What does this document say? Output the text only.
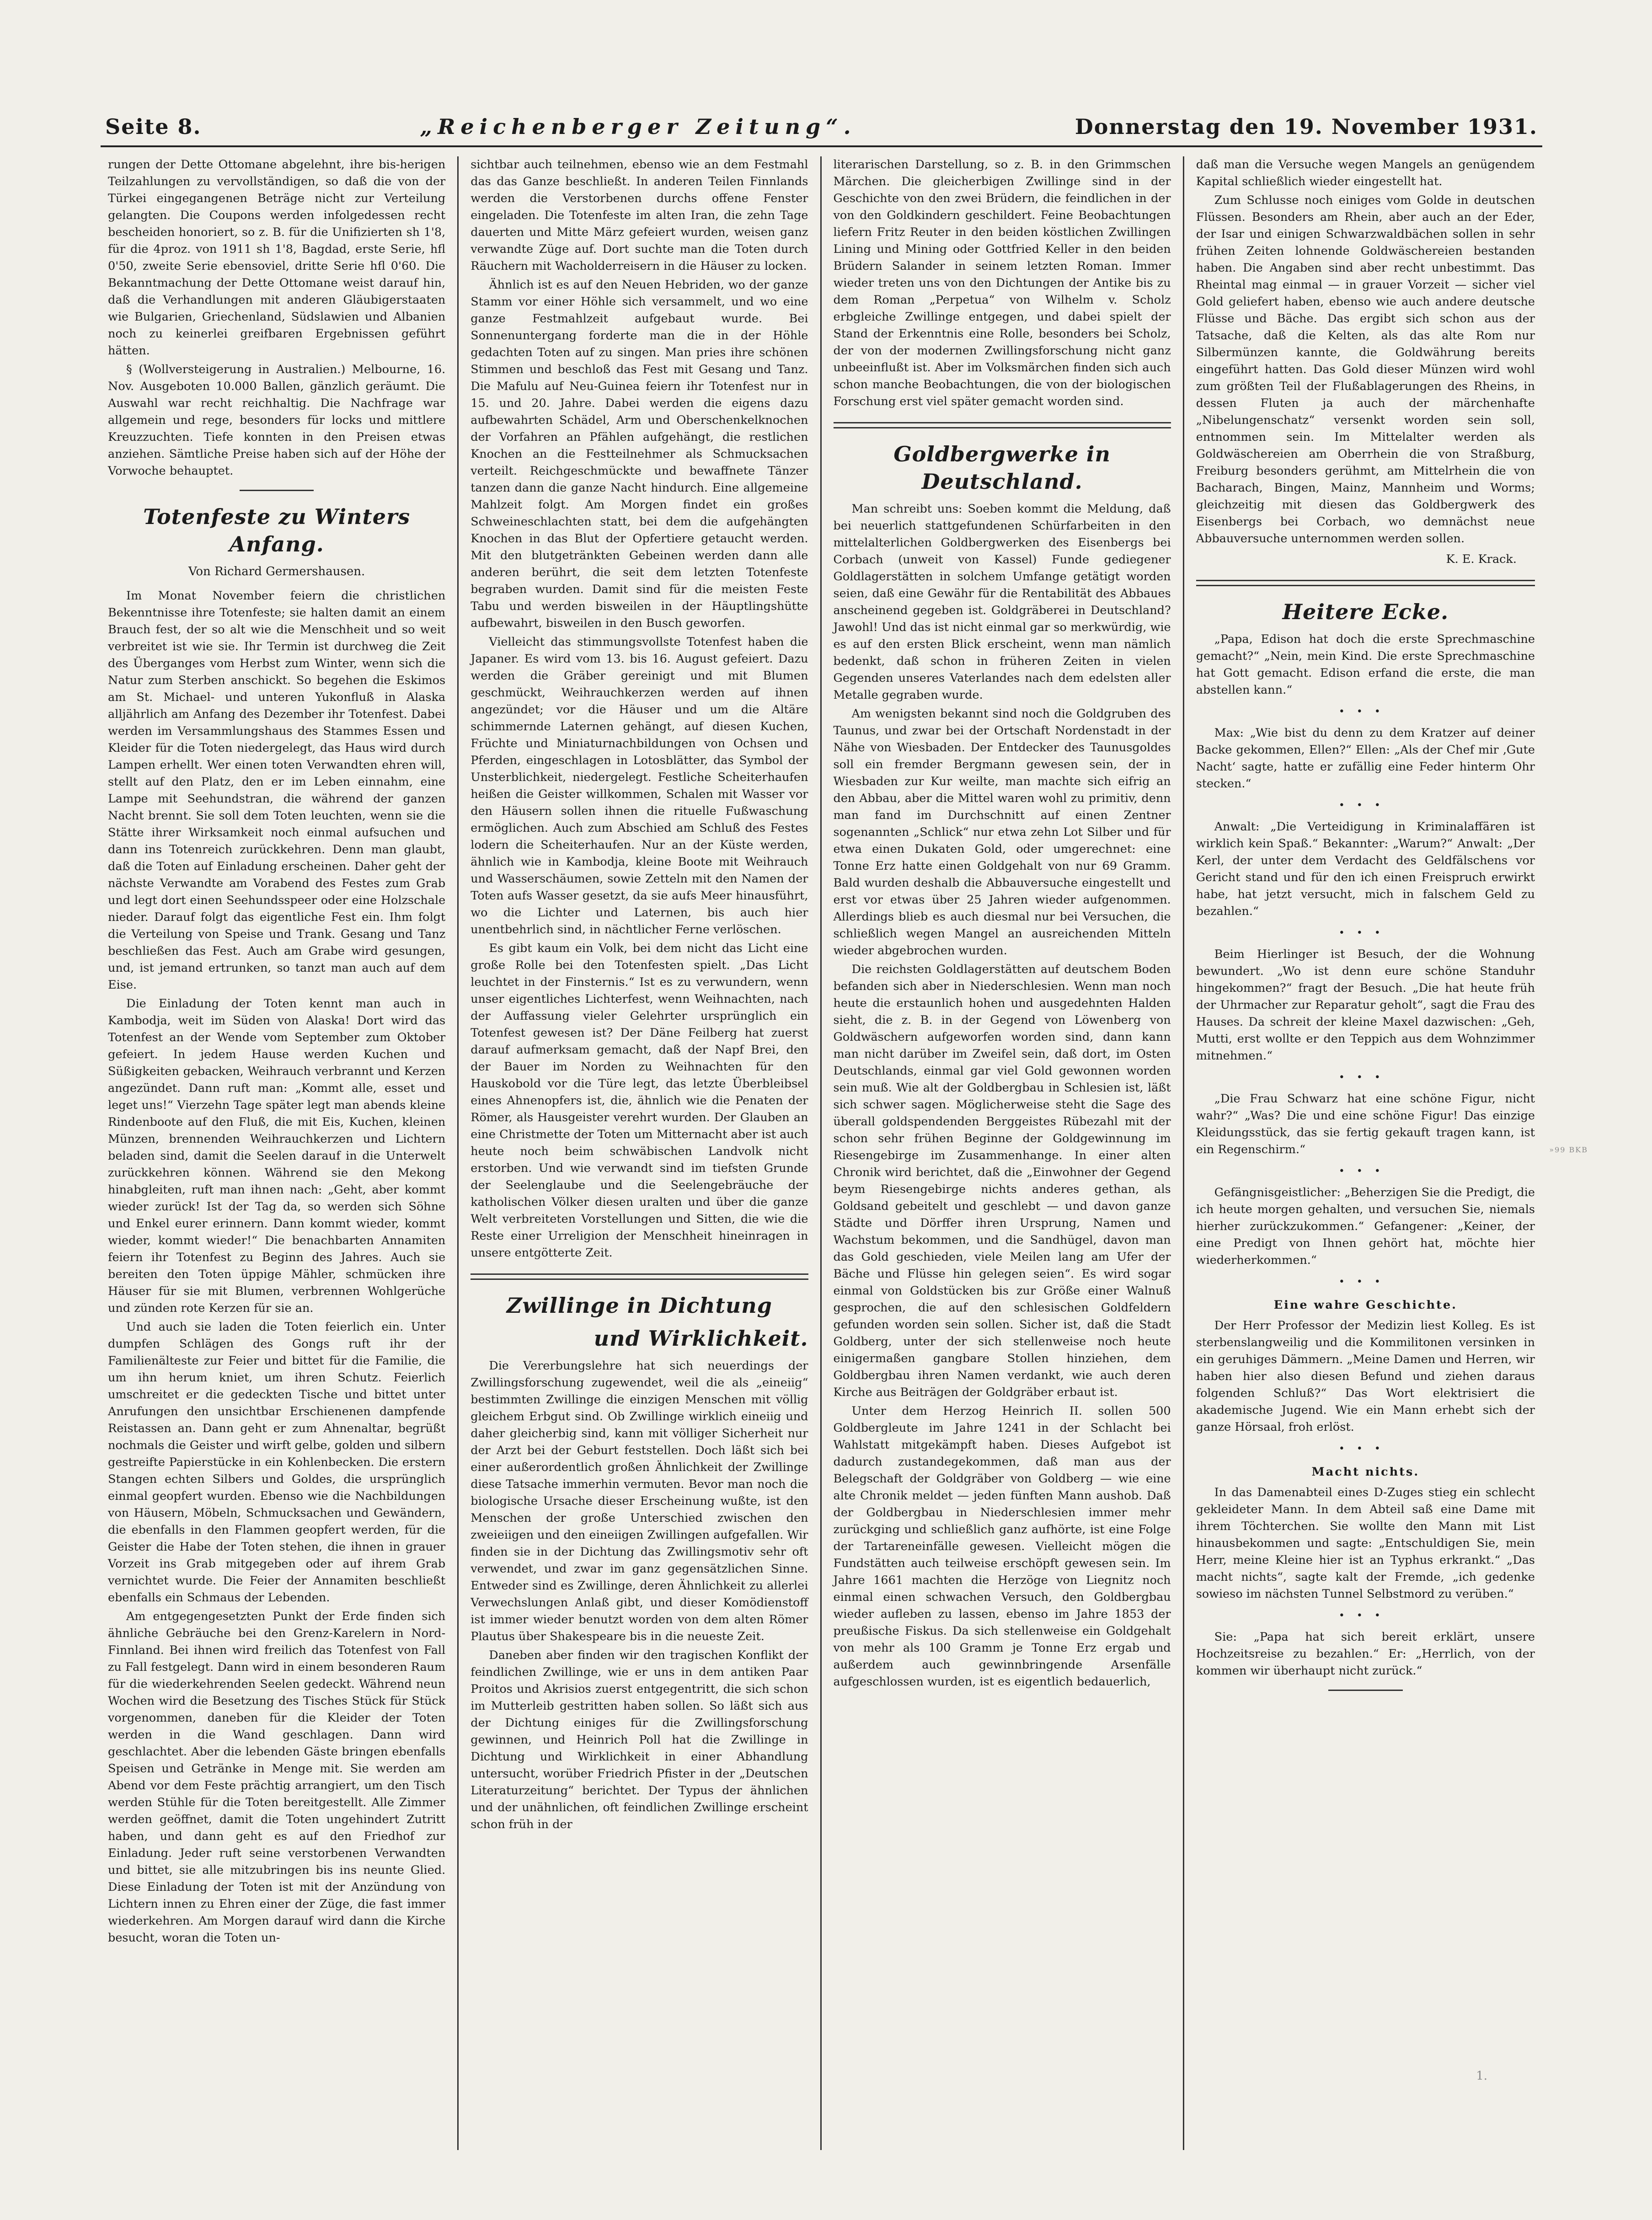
Seite 8.	„Reichenberger Zeitung“.	Donnerstag den 19. November 1931.

rungen der Dette Ottomane abgelehnt, ihre bis-herigen Teilzahlungen zu vervollständigen, so daß die von der Türkei eingegangenen Beträge nicht zur Verteilung gelangten. Die Coupons werden infolgedessen recht bescheiden honoriert, so z. B. für die Unifizierten sh 1'8, für die 4proz. von 1911 sh 1'8, Bagdad, erste Serie, hfl 0'50, zweite Serie ebensoviel, dritte Serie hfl 0'60. Die Bekanntmachung der Dette Ottomane weist darauf hin, daß die Verhandlungen mit anderen Gläubigerstaaten wie Bulgarien, Griechenland, Südslawien und Albanien noch zu keinerlei greifbaren Ergebnissen geführt hätten.

§ (Wollversteigerung in Australien.) Melbourne, 16. Nov. Ausgeboten 10.000 Ballen, gänzlich geräumt. Die Auswahl war recht reichhaltig. Die Nachfrage war allgemein und rege, besonders für locks und mittlere Kreuzzuchten. Tiefe konnten in den Preisen etwas anziehen. Sämtliche Preise haben sich auf der Höhe der Vorwoche behauptet.

Totenfeste zu Winters Anfang.
Von Richard Germershausen.

Im Monat November feiern die christlichen Bekenntnisse ihre Totenfeste; sie halten damit an einem Brauch fest, der so alt wie die Menschheit und so weit verbreitet ist wie sie. Ihr Termin ist durchweg die Zeit des Überganges vom Herbst zum Winter, wenn sich die Natur zum Sterben anschickt. So begehen die Eskimos am St. Michael- und unteren Yukonfluß in Alaska alljährlich am Anfang des Dezember ihr Totenfest. Dabei werden im Versammlungshaus des Stammes Essen und Kleider für die Toten niedergelegt, das Haus wird durch Lampen erhellt. Wer einen toten Verwandten ehren will, stellt auf den Platz, den er im Leben einnahm, eine Lampe mit Seehundstran, die während der ganzen Nacht brennt. Sie soll dem Toten leuchten, wenn sie die Stätte ihrer Wirksamkeit noch einmal aufsuchen und dann ins Totenreich zurückkehren. Denn man glaubt, daß die Toten auf Einladung erscheinen. Daher geht der nächste Verwandte am Vorabend des Festes zum Grab und legt dort einen Seehundsspeer oder eine Holzschale nieder. Darauf folgt das eigentliche Fest ein. Ihm folgt die Verteilung von Speise und Trank. Gesang und Tanz beschließen das Fest. Auch am Grabe wird gesungen, und, ist jemand ertrunken, so tanzt man auch auf dem Eise.

Die Einladung der Toten kennt man auch in Kambodja, weit im Süden von Alaska! Dort wird das Totenfest an der Wende vom September zum Oktober gefeiert. In jedem Hause werden Kuchen und Süßigkeiten gebacken, Weihrauch verbrannt und Kerzen angezündet. Dann ruft man: „Kommt alle, esset und leget uns!“ Vierzehn Tage später legt man abends kleine Rindenboote auf den Fluß, die mit Eis, Kuchen, kleinen Münzen, brennenden Weihrauchkerzen und Lichtern beladen sind, damit die Seelen darauf in die Unterwelt zurückkehren können. Während sie den Mekong hinabgleiten, ruft man ihnen nach: „Geht, aber kommt wieder zurück! Ist der Tag da, so werden sich Söhne und Enkel eurer erinnern. Dann kommt wieder, kommt wieder, kommt wieder!“ Die benachbarten Annamiten feiern ihr Totenfest zu Beginn des Jahres. Auch sie bereiten den Toten üppige Mähler, schmücken ihre Häuser für sie mit Blumen, verbrennen Wohlgerüche und zünden rote Kerzen für sie an.

Und auch sie laden die Toten feierlich ein. Unter dumpfen Schlägen des Gongs ruft ihr der Familienälteste zur Feier und bittet für die Familie, die um ihn herum kniet, um ihren Schutz. Feierlich umschreitet er die gedeckten Tische und bittet unter Anrufungen den unsichtbar Erschienenen dampfende Reistassen an. Dann geht er zum Ahnenaltar, begrüßt nochmals die Geister und wirft gelbe, golden und silbern gestreifte Papierstücke in ein Kohlenbecken. Die erstern Stangen echten Silbers und Goldes, die ursprünglich einmal geopfert wurden. Ebenso wie die Nachbildungen von Häusern, Möbeln, Schmucksachen und Gewändern, die ebenfalls in den Flammen geopfert werden, für die Geister die Habe der Toten stehen, die ihnen in grauer Vorzeit ins Grab mitgegeben oder auf ihrem Grab vernichtet wurde. Die Feier der Annamiten beschließt ebenfalls ein Schmaus der Lebenden.

Am entgegengesetzten Punkt der Erde finden sich ähnliche Gebräuche bei den Grenz-Karelern in Nord-Finnland. Bei ihnen wird freilich das Totenfest von Fall zu Fall festgelegt. Dann wird in einem besonderen Raum für die wiederkehrenden Seelen gedeckt. Während neun Wochen wird die Besetzung des Tisches Stück für Stück vorgenommen, daneben für die Kleider der Toten werden in die Wand geschlagen. Dann wird geschlachtet. Aber die lebenden Gäste bringen ebenfalls Speisen und Getränke in Menge mit. Sie werden am Abend vor dem Feste prächtig arrangiert, um den Tisch werden Stühle für die Toten bereitgestellt. Alle Zimmer werden geöffnet, damit die Toten ungehindert Zutritt haben, und dann geht es auf den Friedhof zur Einladung. Jeder ruft seine verstorbenen Verwandten und bittet, sie alle mitzubringen bis ins neunte Glied. Diese Einladung der Toten ist mit der Anzündung von Lichtern innen zu Ehren einer der Züge, die fast immer wiederkehren. Am Morgen darauf wird dann die Kirche besucht, woran die Toten un-

sichtbar auch teilnehmen, ebenso wie an dem Festmahl das das Ganze beschließt. In anderen Teilen Finnlands werden die Verstorbenen durchs offene Fenster eingeladen. Die Totenfeste im alten Iran, die zehn Tage dauerten und Mitte März gefeiert wurden, weisen ganz verwandte Züge auf. Dort suchte man die Toten durch Räuchern mit Wacholderreisern in die Häuser zu locken.

Ähnlich ist es auf den Neuen Hebriden, wo der ganze Stamm vor einer Höhle sich versammelt, und wo eine ganze Festmahlzeit aufgebaut wurde. Bei Sonnenuntergang forderte man die in der Höhle gedachten Toten auf zu singen. Man pries ihre schönen Stimmen und beschloß das Fest mit Gesang und Tanz. Die Mafulu auf Neu-Guinea feiern ihr Totenfest nur in 15. und 20. Jahre. Dabei werden die eigens dazu aufbewahrten Schädel, Arm und Oberschenkelknochen der Vorfahren an Pfählen aufgehängt, die restlichen Knochen an die Festteilnehmer als Schmucksachen verteilt. Reichgeschmückte und bewaffnete Tänzer tanzen dann die ganze Nacht hindurch. Eine allgemeine Mahlzeit folgt. Am Morgen findet ein großes Schweineschlachten statt, bei dem die aufgehängten Knochen in das Blut der Opfertiere getaucht werden. Mit den blutgetränkten Gebeinen werden dann alle anderen berührt, die seit dem letzten Totenfeste begraben wurden. Damit sind für die meisten Feste Tabu und werden bisweilen in der Häuptlingshütte aufbewahrt, bisweilen in den Busch geworfen.

Vielleicht das stimmungsvollste Totenfest haben die Japaner. Es wird vom 13. bis 16. August gefeiert. Dazu werden die Gräber gereinigt und mit Blumen geschmückt, Weihrauchkerzen werden auf ihnen angezündet; vor die Häuser und um die Altäre schimmernde Laternen gehängt, auf diesen Kuchen, Früchte und Miniaturnachbildungen von Ochsen und Pferden, eingeschlagen in Lotosblätter, das Symbol der Unsterblichkeit, niedergelegt. Festliche Scheiterhaufen heißen die Geister willkommen, Schalen mit Wasser vor den Häusern sollen ihnen die rituelle Fußwaschung ermöglichen. Auch zum Abschied am Schluß des Festes lodern die Scheiterhaufen. Nur an der Küste werden, ähnlich wie in Kambodja, kleine Boote mit Weihrauch und Wasserschäumen, sowie Zetteln mit den Namen der Toten aufs Wasser gesetzt, da sie aufs Meer hinausführt, wo die Lichter und Laternen, bis auch hier unentbehrlich sind, in nächtlicher Ferne verlöschen.

Es gibt kaum ein Volk, bei dem nicht das Licht eine große Rolle bei den Totenfesten spielt. „Das Licht leuchtet in der Finsternis.“ Ist es zu verwundern, wenn unser eigentliches Lichterfest, wenn Weihnachten, nach der Auffassung vieler Gelehrter ursprünglich ein Totenfest gewesen ist? Der Däne Feilberg hat zuerst darauf aufmerksam gemacht, daß der Napf Brei, den der Bauer im Norden zu Weihnachten für den Hauskobold vor die Türe legt, das letzte Überbleibsel eines Ahnenopfers ist, die, ähnlich wie die Penaten der Römer, als Hausgeister verehrt wurden. Der Glauben an eine Christmette der Toten um Mitternacht aber ist auch heute noch beim schwäbischen Landvolk nicht erstorben. Und wie verwandt sind im tiefsten Grunde der Seelenglaube und die Seelengebräuche der katholischen Völker diesen uralten und über die ganze Welt verbreiteten Vorstellungen und Sitten, die wie die Reste einer Urreligion der Menschheit hineinragen in unsere entgötterte Zeit.

Zwillinge in Dichtung
und Wirklichkeit.

Die Vererbungslehre hat sich neuerdings der Zwillingsforschung zugewendet, weil die als „eineiig“ bestimmten Zwillinge die einzigen Menschen mit völlig gleichem Erbgut sind. Ob Zwillinge wirklich eineiig und daher gleicherbig sind, kann mit völliger Sicherheit nur der Arzt bei der Geburt feststellen. Doch läßt sich bei einer außerordentlich großen Ähnlichkeit der Zwillinge diese Tatsache immerhin vermuten. Bevor man noch die biologische Ursache dieser Erscheinung wußte, ist den Menschen der große Unterschied zwischen den zweieiigen und den eineiigen Zwillingen aufgefallen. Wir finden sie in der Dichtung das Zwillingsmotiv sehr oft verwendet, und zwar im ganz gegensätzlichen Sinne. Entweder sind es Zwillinge, deren Ähnlichkeit zu allerlei Verwechslungen Anlaß gibt, und dieser Komödienstoff ist immer wieder benutzt worden von dem alten Römer Plautus über Shakespeare bis in die neueste Zeit.

Daneben aber finden wir den tragischen Konflikt der feindlichen Zwillinge, wie er uns in dem antiken Paar Proitos und Akrisios zuerst entgegentritt, die sich schon im Mutterleib gestritten haben sollen. So läßt sich aus der Dichtung einiges für die Zwillingsforschung gewinnen, und Heinrich Poll hat die Zwillinge in Dichtung und Wirklichkeit in einer Abhandlung untersucht, worüber Friedrich Pfister in der „Deutschen Literaturzeitung“ berichtet. Der Typus der ähnlichen und der unähnlichen, oft feindlichen Zwillinge erscheint schon früh in der

literarischen Darstellung, so z. B. in den Grimmschen Märchen. Die gleicherbigen Zwillinge sind in der Geschichte von den zwei Brüdern, die feindlichen in der von den Goldkindern geschildert. Feine Beobachtungen liefern Fritz Reuter in den beiden köstlichen Zwillingen Lining und Mining oder Gottfried Keller in den beiden Brüdern Salander in seinem letzten Roman. Immer wieder treten uns von den Dichtungen der Antike bis zu dem Roman „Perpetua“ von Wilhelm v. Scholz erbgleiche Zwillinge entgegen, und dabei spielt der Stand der Erkenntnis eine Rolle, besonders bei Scholz, der von der modernen Zwillingsforschung nicht ganz unbeeinflußt ist. Aber im Volksmärchen finden sich auch schon manche Beobachtungen, die von der biologischen Forschung erst viel später gemacht worden sind.

Goldbergwerke in Deutschland.

Man schreibt uns: Soeben kommt die Meldung, daß bei neuerlich stattgefundenen Schürfarbeiten in den mittelalterlichen Goldbergwerken des Eisenbergs bei Corbach (unweit von Kassel) Funde gediegener Goldlagerstätten in solchem Umfange getätigt worden seien, daß eine Gewähr für die Rentabilität des Abbaues anscheinend gegeben ist. Goldgräberei in Deutschland? Jawohl! Und das ist nicht einmal gar so merkwürdig, wie es auf den ersten Blick erscheint, wenn man nämlich bedenkt, daß schon in früheren Zeiten in vielen Gegenden unseres Vaterlandes nach dem edelsten aller Metalle gegraben wurde.

Am wenigsten bekannt sind noch die Goldgruben des Taunus, und zwar bei der Ortschaft Nordenstadt in der Nähe von Wiesbaden. Der Entdecker des Taunusgoldes soll ein fremder Bergmann gewesen sein, der in Wiesbaden zur Kur weilte, man machte sich eifrig an den Abbau, aber die Mittel waren wohl zu primitiv, denn man fand im Durchschnitt auf einen Zentner sogenannten „Schlick“ nur etwa zehn Lot Silber und für etwa einen Dukaten Gold, oder umgerechnet: eine Tonne Erz hatte einen Goldgehalt von nur 69 Gramm. Bald wurden deshalb die Abbauversuche eingestellt und erst vor etwas über 25 Jahren wieder aufgenommen. Allerdings blieb es auch diesmal nur bei Versuchen, die schließlich wegen Mangel an ausreichenden Mitteln wieder abgebrochen wurden.

Die reichsten Goldlagerstätten auf deutschem Boden befanden sich aber in Niederschlesien. Wenn man noch heute die erstaunlich hohen und ausgedehnten Halden sieht, die z. B. in der Gegend von Löwenberg von Goldwäschern aufgeworfen worden sind, dann kann man nicht darüber im Zweifel sein, daß dort, im Osten Deutschlands, einmal gar viel Gold gewonnen worden sein muß. Wie alt der Goldbergbau in Schlesien ist, läßt sich schwer sagen. Möglicherweise steht die Sage des überall goldspendenden Berggeistes Rübezahl mit der schon sehr frühen Beginne der Goldgewinnung im Riesengebirge im Zusammenhange. In einer alten Chronik wird berichtet, daß die „Einwohner der Gegend beym Riesengebirge nichts anderes gethan, als Goldsand gebeitelt und geschlebt — und davon ganze Städte und Dörffer ihren Ursprung, Namen und Wachstum bekommen, und die Sandhügel, davon man das Gold geschieden, viele Meilen lang am Ufer der Bäche und Flüsse hin gelegen seien“. Es wird sogar einmal von Goldstücken bis zur Größe einer Walnuß gesprochen, die auf den schlesischen Goldfeldern gefunden worden sein sollen. Sicher ist, daß die Stadt Goldberg, unter der sich stellenweise noch heute einigermaßen gangbare Stollen hinziehen, dem Goldbergbau ihren Namen verdankt, wie auch deren Kirche aus Beiträgen der Goldgräber erbaut ist.

Unter dem Herzog Heinrich II. sollen 500 Goldbergleute im Jahre 1241 in der Schlacht bei Wahlstatt mitgekämpft haben. Dieses Aufgebot ist dadurch zustandegekommen, daß man aus der Belegschaft der Goldgräber von Goldberg — wie eine alte Chronik meldet — jeden fünften Mann aushob. Daß der Goldbergbau in Niederschlesien immer mehr zurückging und schließlich ganz aufhörte, ist eine Folge der Tartareneinfälle gewesen. Vielleicht mögen die Fundstätten auch teilweise erschöpft gewesen sein. Im Jahre 1661 machten die Herzöge von Liegnitz noch einmal einen schwachen Versuch, den Goldbergbau wieder aufleben zu lassen, ebenso im Jahre 1853 der preußische Fiskus. Da sich stellenweise ein Goldgehalt von mehr als 100 Gramm je Tonne Erz ergab und außerdem auch gewinnbringende Arsenfälle aufgeschlossen wurden, ist es eigentlich bedauerlich,

daß man die Versuche wegen Mangels an genügendem Kapital schließlich wieder eingestellt hat.

Zum Schlusse noch einiges vom Golde in deutschen Flüssen. Besonders am Rhein, aber auch an der Eder, der Isar und einigen Schwarzwaldbächen sollen in sehr frühen Zeiten lohnende Goldwäschereien bestanden haben. Die Angaben sind aber recht unbestimmt. Das Rheintal mag einmal — in grauer Vorzeit — sicher viel Gold geliefert haben, ebenso wie auch andere deutsche Flüsse und Bäche. Das ergibt sich schon aus der Tatsache, daß die Kelten, als das alte Rom nur Silbermünzen kannte, die Goldwährung bereits eingeführt hatten. Das Gold dieser Münzen wird wohl zum größten Teil der Flußablagerungen des Rheins, in dessen Fluten ja auch der märchenhafte „Nibelungenschatz“ versenkt worden sein soll, entnommen sein. Im Mittelalter werden als Goldwäschereien am Oberrhein die von Straßburg, Freiburg besonders gerühmt, am Mittelrhein die von Bacharach, Bingen, Mainz, Mannheim und Worms; gleichzeitig mit diesen das Goldbergwerk des Eisenbergs bei Corbach, wo demnächst neue Abbauversuche unternommen werden sollen.

K. E. Krack.
Heitere Ecke.

„Papa, Edison hat doch die erste Sprechmaschine gemacht?“ „Nein, mein Kind. Die erste Sprechmaschine hat Gott gemacht. Edison erfand die erste, die man abstellen kann.“

•••

Max: „Wie bist du denn zu dem Kratzer auf deiner Backe gekommen, Ellen?“ Ellen: „Als der Chef mir ‚Gute Nacht‘ sagte, hatte er zufällig eine Feder hinterm Ohr stecken.“

•••

Anwalt: „Die Verteidigung in Kriminalaffären ist wirklich kein Spaß.“ Bekannter: „Warum?“ Anwalt: „Der Kerl, der unter dem Verdacht des Geldfälschens vor Gericht stand und für den ich einen Freispruch erwirkt habe, hat jetzt versucht, mich in falschem Geld zu bezahlen.“

•••

Beim Hierlinger ist Besuch, der die Wohnung bewundert. „Wo ist denn eure schöne Standuhr hingekommen?“ fragt der Besuch. „Die hat heute früh der Uhrmacher zur Reparatur geholt“, sagt die Frau des Hauses. Da schreit der kleine Maxel dazwischen: „Geh, Mutti, erst wollte er den Teppich aus dem Wohnzimmer mitnehmen.“

•••

„Die Frau Schwarz hat eine schöne Figur, nicht wahr?“ „Was? Die und eine schöne Figur! Das einzige Kleidungsstück, das sie fertig gekauft tragen kann, ist ein Regenschirm.“

•••

Gefängnisgeistlicher: „Beherzigen Sie die Predigt, die ich heute morgen gehalten, und versuchen Sie, niemals hierher zurückzukommen.“ Gefangener: „Keiner, der eine Predigt von Ihnen gehört hat, möchte hier wiederherkommen.“

•••
Eine wahre Geschichte.

Der Herr Professor der Medizin liest Kolleg. Es ist sterbenslangweilig und die Kommilitonen versinken in ein geruhiges Dämmern. „Meine Damen und Herren, wir haben hier also diesen Befund und ziehen daraus folgenden Schluß?“ Das Wort elektrisiert die akademische Jugend. Wie ein Mann erhebt sich der ganze Hörsaal, froh erlöst.

•••
Macht nichts.

In das Damenabteil eines D-Zuges stieg ein schlecht gekleideter Mann. In dem Abteil saß eine Dame mit ihrem Töchterchen. Sie wollte den Mann mit List hinausbekommen und sagte: „Entschuldigen Sie, mein Herr, meine Kleine hier ist an Typhus erkrankt.“ „Das macht nichts“, sagte kalt der Fremde, „ich gedenke sowieso im nächsten Tunnel Selbstmord zu verüben.“

•••

Sie: „Papa hat sich bereit erklärt, unsere Hochzeitsreise zu bezahlen.“ Er: „Herrlich, von der kommen wir überhaupt nicht zurück.“

»99 BKB
1.
